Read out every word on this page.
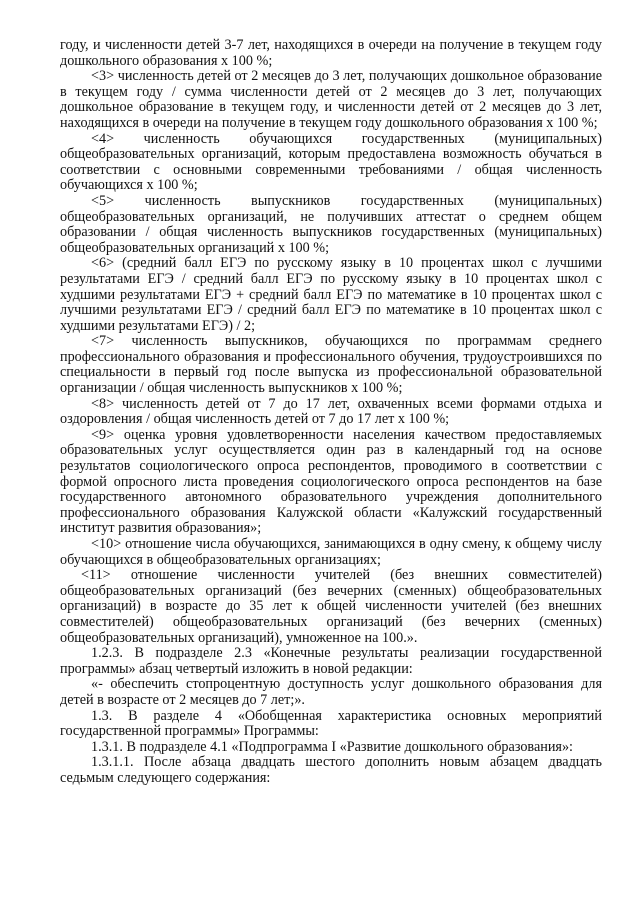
году, и численности детей 3-7 лет, находящихся в очереди на получение в текущем году дошкольного образования х 100 %;

<3> численность детей от 2 месяцев до 3 лет, получающих дошкольное образование в текущем году / сумма численности детей от 2 месяцев до 3 лет, получающих дошкольное образование в текущем году, и численности детей от 2 месяцев до 3 лет, находящихся в очереди на получение в текущем году дошкольного образования х 100 %;

<4> численность обучающихся государственных (муниципальных) общеобразовательных организаций, которым предоставлена возможность обучаться в соответствии с основными современными требованиями / общая численность обучающихся х 100 %;

<5> численность выпускников государственных (муниципальных) общеобразовательных организаций, не получивших аттестат о среднем общем образовании / общая численность выпускников государственных (муниципальных) общеобразовательных организаций х 100 %;

<6> (средний балл ЕГЭ по русскому языку в 10 процентах школ с лучшими результатами ЕГЭ / средний балл ЕГЭ по русскому языку в 10 процентах школ с худшими результатами ЕГЭ + средний балл ЕГЭ по математике в 10 процентах школ с лучшими результатами ЕГЭ / средний балл ЕГЭ по математике в 10 процентах школ с худшими результатами ЕГЭ) / 2;

<7> численность выпускников, обучающихся по программам среднего профессионального образования и профессионального обучения, трудоустроившихся по специальности в первый год после выпуска из профессиональной образовательной организации / общая численность выпускников х 100 %;

<8> численность детей от 7 до 17 лет, охваченных всеми формами отдыха и оздоровления / общая численность детей от 7 до 17 лет х 100 %;

<9> оценка уровня удовлетворенности населения качеством предоставляемых образовательных услуг осуществляется один раз в календарный год на основе результатов социологического опроса респондентов, проводимого в соответствии с формой опросного листа проведения социологического опроса респондентов на базе государственного автономного образовательного учреждения дополнительного профессионального образования Калужской области «Калужский государственный институт развития образования»;

<10> отношение числа обучающихся, занимающихся в одну смену, к общему числу обучающихся в общеобразовательных организациях;

<11> отношение численности учителей (без внешних совместителей) общеобразовательных организаций (без вечерних (сменных) общеобразовательных организаций) в возрасте до 35 лет к общей численности учителей (без внешних совместителей) общеобразовательных организаций (без вечерних (сменных) общеобразовательных организаций), умноженное на 100.».

1.2.3. В подразделе 2.3 «Конечные результаты реализации государственной программы» абзац четвертый изложить в новой редакции:

«- обеспечить стопроцентную доступность услуг дошкольного образования для детей в возрасте от 2 месяцев до 7 лет;».

1.3. В разделе 4 «Обобщенная характеристика основных мероприятий государственной программы» Программы:

1.3.1. В подразделе 4.1 «Подпрограмма I «Развитие дошкольного образования»:

1.3.1.1. После абзаца двадцать шестого дополнить новым абзацем двадцать седьмым следующего содержания:
